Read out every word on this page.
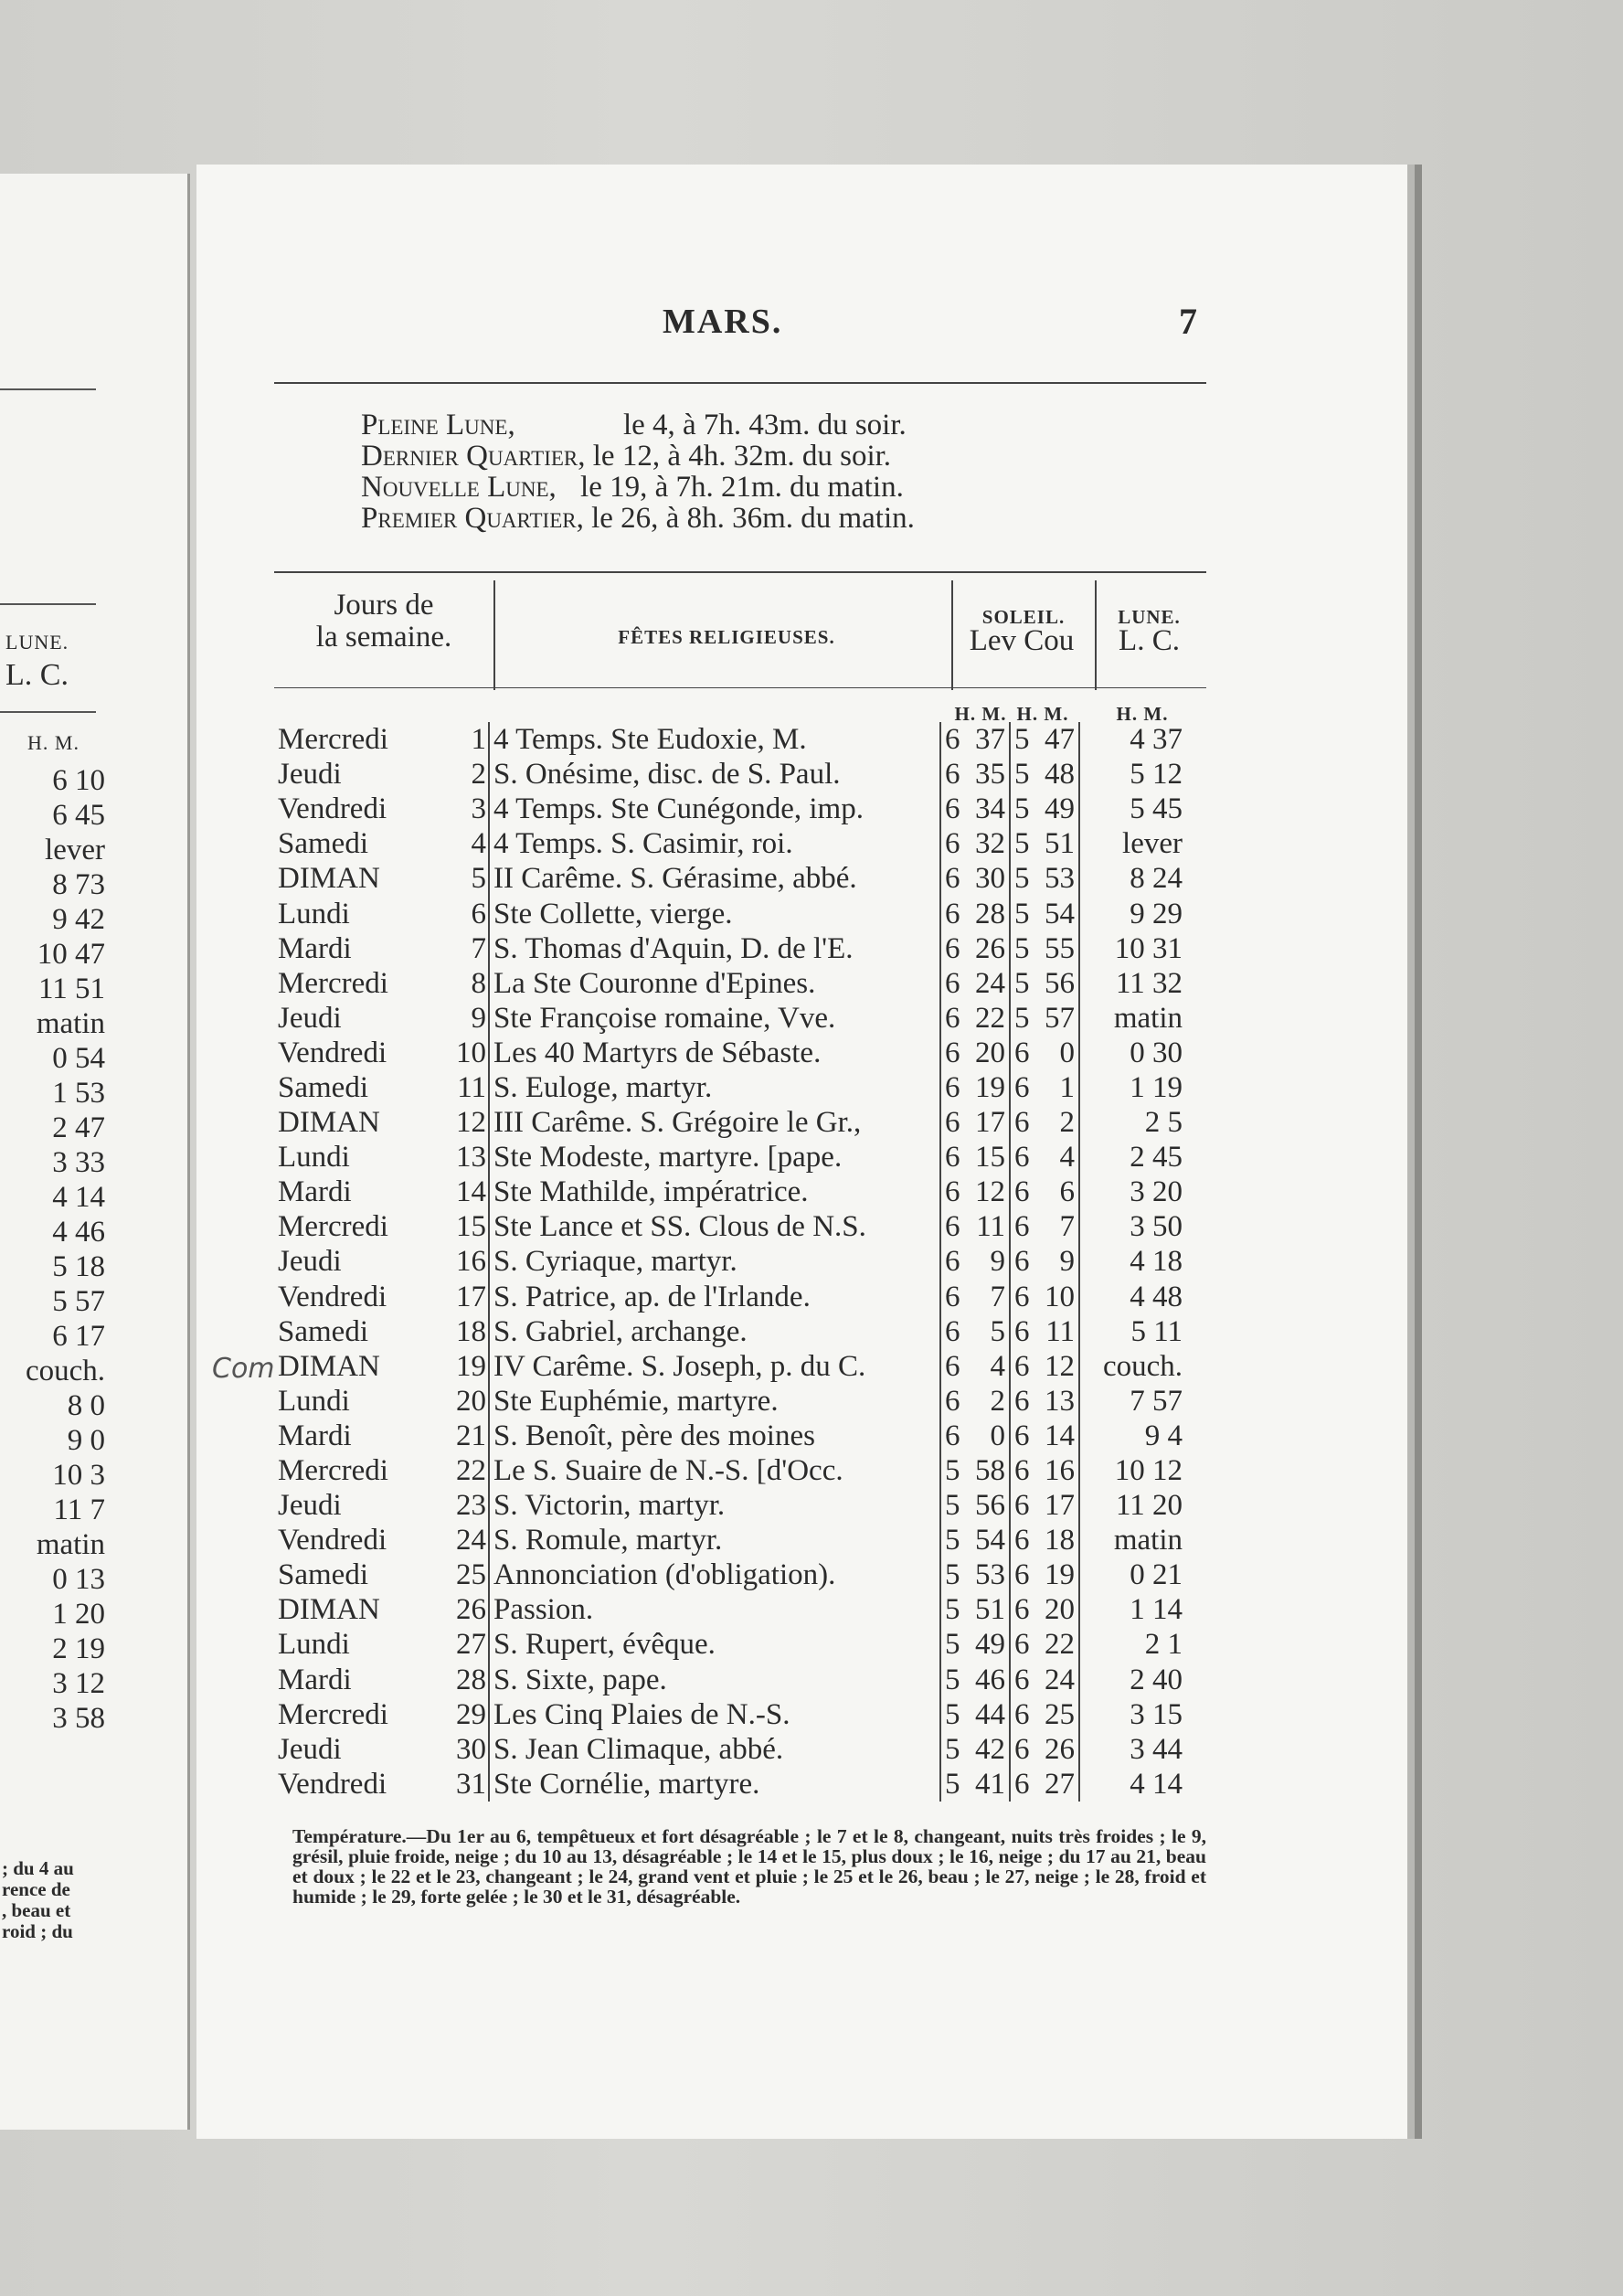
LUNE.
L. C.
H. M.
6 10
6 45
lever
8 73
9 42
10 47
11 51
matin
0 54
1 53
2 47
3 33
4 14
4 46
5 18
5 57
6 17
couch.
8 0
9 0
10 3
11 7
matin
0 13
1 20
2 19
3 12
3 58
; du 4 au
rence de
, beau et
roid ; du
MARS.	7
Pleine Lune,	le 4, à 7h. 43m. du soir.
Dernier Quartier, le 12, à 4h. 32m. du soir.
Nouvelle Lune, le 19, à 7h. 21m. du matin.
Premier Quartier, le 26, à 8h. 36m. du matin.
Jours de
la semaine.	FÊTES RELIGIEUSES.
SOLEIL.
Lev Cou
LUNE.
L. C.
H. M. H. M.	H. M.
Mercredi	1	4 Temps. Ste Eudoxie, M.	6	37	5	47	4 37
Jeudi	2	S. Onésime, disc. de S. Paul.	6	35	5	48	5 12
Vendredi	3	4 Temps. Ste Cunégonde, imp.	6	34	5	49	5 45
Samedi	4	4 Temps. S. Casimir, roi.	6	32	5	51	lever
DIMAN	5	II Carême. S. Gérasime, abbé.	6	30	5	53	8 24
Lundi	6	Ste Collette, vierge.	6	28	5	54	9 29
Mardi	7	S. Thomas d'Aquin, D. de l'E.	6	26	5	55	10 31
Mercredi	8	La Ste Couronne d'Epines.	6	24	5	56	11 32
Jeudi	9	Ste Françoise romaine, Vve.	6	22	5	57	matin
Vendredi	10	Les 40 Martyrs de Sébaste.	6	20	6	0	0 30
Samedi	11	S. Euloge, martyr.	6	19	6	1	1 19
DIMAN	12	III Carême. S. Grégoire le Gr.,	6	17	6	2	2 5
Lundi	13	Ste Modeste, martyre. [pape.	6	15	6	4	2 45
Mardi	14	Ste Mathilde, impératrice.	6	12	6	6	3 20
Mercredi	15	Ste Lance et SS. Clous de N.S.	6	11	6	7	3 50
Jeudi	16	S. Cyriaque, martyr.	6	9	6	9	4 18
Vendredi	17	S. Patrice, ap. de l'Irlande.	6	7	6	10	4 48
Samedi	18	S. Gabriel, archange.	6	5	6	11	5 11
DIMAN	19	IV Carême. S. Joseph, p. du C.	6	4	6	12	couch.
Lundi	20	Ste Euphémie, martyre.	6	2	6	13	7 57
Mardi	21	S. Benoît, père des moines	6	0	6	14	9 4
Mercredi	22	Le S. Suaire de N.-S. [d'Occ.	5	58	6	16	10 12
Jeudi	23	S. Victorin, martyr.	5	56	6	17	11 20
Vendredi	24	S. Romule, martyr.	5	54	6	18	matin
Samedi	25	Annonciation (d'obligation).	5	53	6	19	0 21
DIMAN	26	Passion.	5	51	6	20	1 14
Lundi	27	S. Rupert, évêque.	5	49	6	22	2 1
Mardi	28	S. Sixte, pape.	5	46	6	24	2 40
Mercredi	29	Les Cinq Plaies de N.-S.	5	44	6	25	3 15
Jeudi	30	S. Jean Climaque, abbé.	5	42	6	26	3 44
Vendredi	31	Ste Cornélie, martyre.	5	41	6	27	4 14
Température.—Du 1er au 6, tempêtueux et fort désagréable ; le 7 et le 8, changeant, nuits très froides ; le 9, grésil, pluie froide, neige ; du 10 au 13, désagréable ; le 14 et le 15, plus doux ; le 16, neige ; du 17 au 21, beau et doux ; le 22 et le 23, changeant ; le 24, grand vent et pluie ; le 25 et le 26, beau ; le 27, neige ; le 28, froid et humide ; le 29, forte gelée ; le 30 et le 31, désagréable.
Com
